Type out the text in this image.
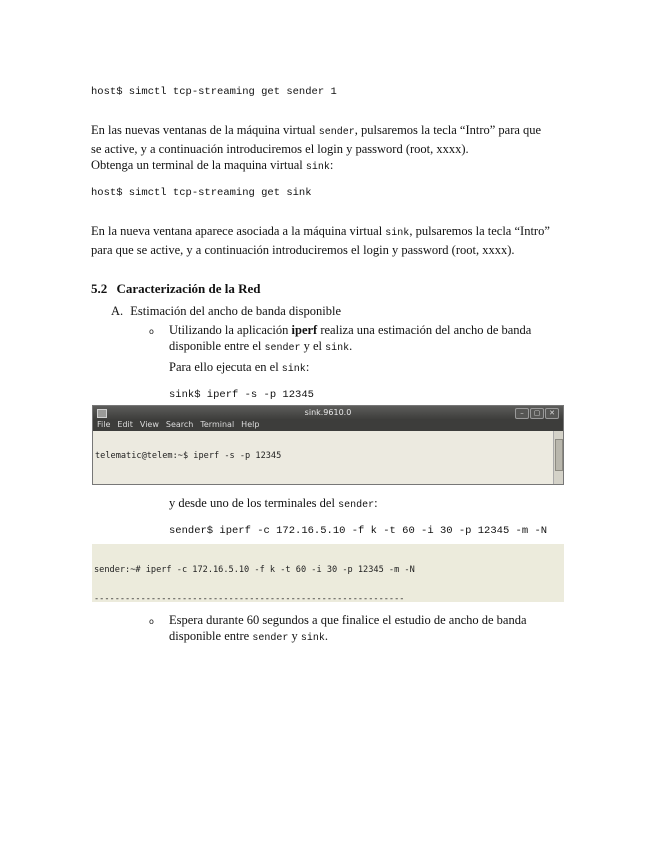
host$ simctl tcp-streaming get sender 1
En las nuevas ventanas de la máquina virtual sender, pulsaremos la tecla “Intro” para que
se active, y a continuación introduciremos el login y password (root, xxxx).
Obtenga un terminal de la maquina virtual sink:
host$ simctl tcp-streaming get sink
En la nueva ventana aparece asociada a la máquina virtual sink, pulsaremos la tecla “Intro”
para que se active, y a continuación introduciremos el login y password (root, xxxx).
5.2 Caracterización de la Red
A. Estimación del ancho de banda disponible
o Utilizando la aplicación iperf realiza una estimación del ancho de banda
disponible entre el sender y el sink.
Para ello ejecuta en el sink:
sink$ iperf -s -p 12345
sink.9610.0	–	▢	✕
File Edit View Search Terminal Help

telematic@telem:~$ iperf -s -p 12345

------------------------------------------------------------

y desde uno de los terminales del sender:
sender$ iperf -c 172.16.5.10 -f k -t 60 -i 30 -p 12345 -m -N

sender:~# iperf -c 172.16.5.10 -f k -t 60 -i 30 -p 12345 -m -N

------------------------------------------------------------

o Espera durante 60 segundos a que finalice el estudio de ancho de banda
disponible entre sender y sink.
